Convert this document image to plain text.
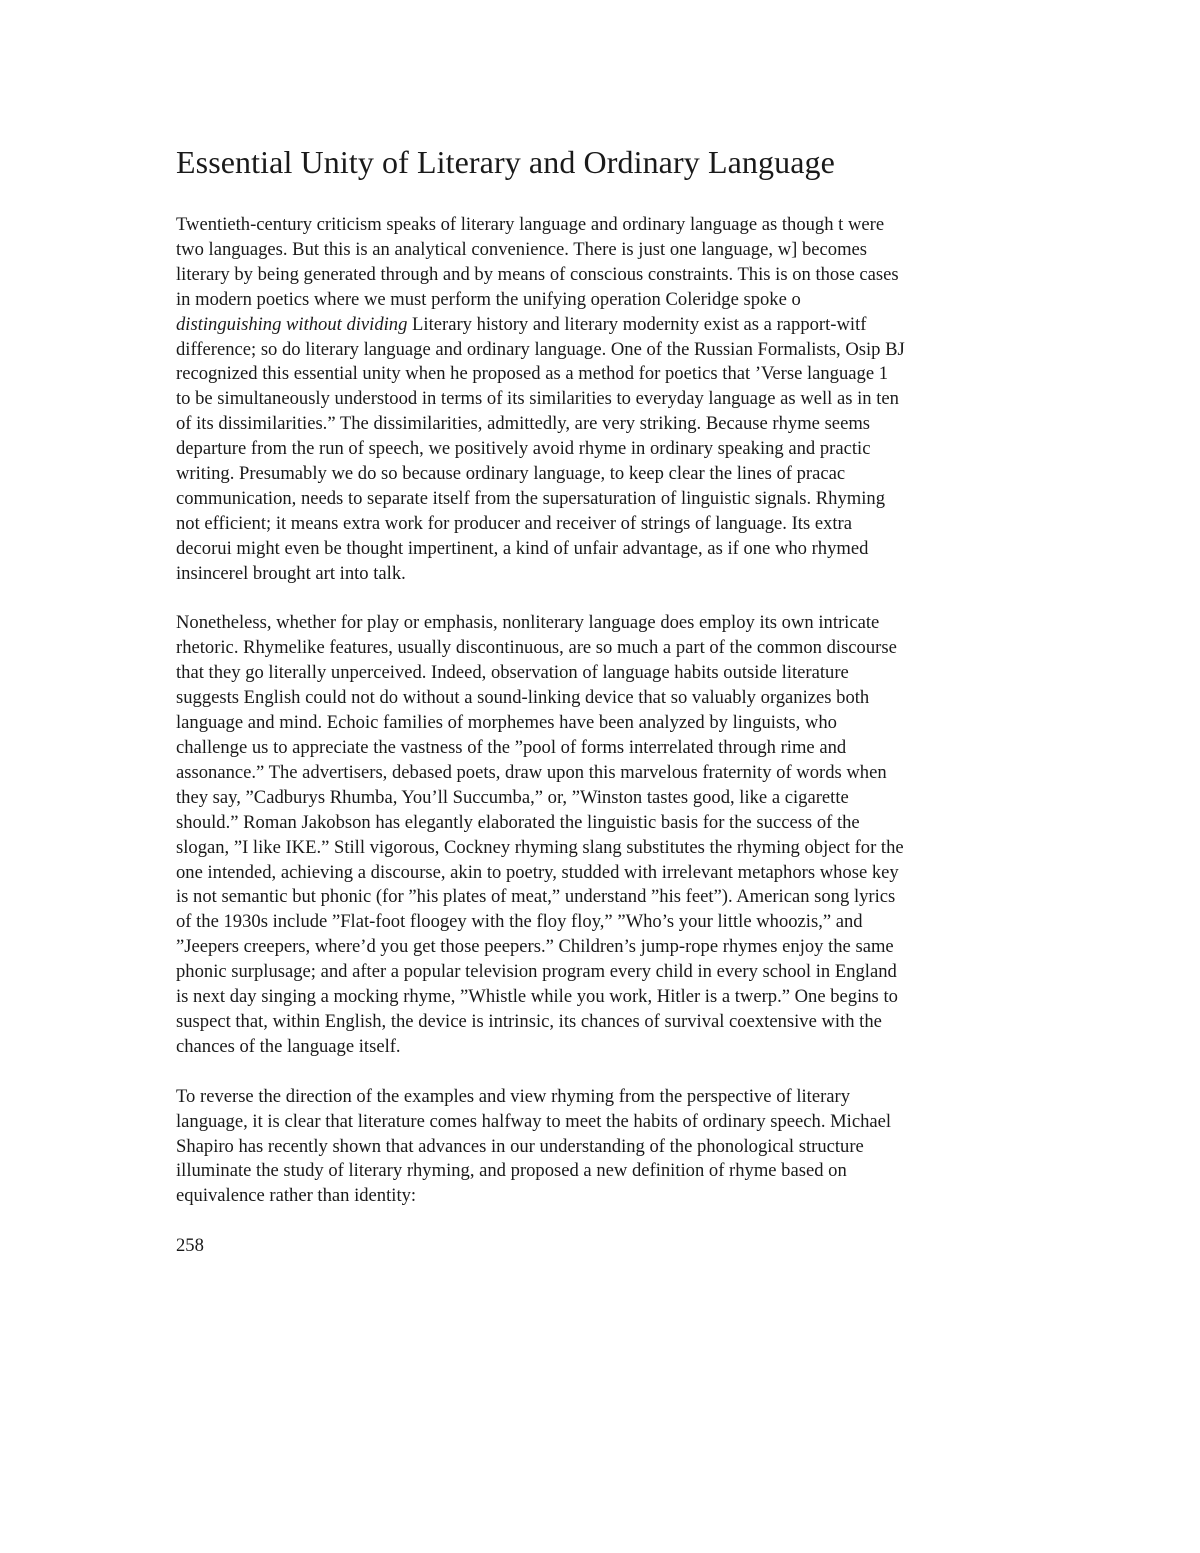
Essential Unity of Literary and Ordinary Language

Twentieth-century criticism speaks of literary language and ordinary language as though t were
two languages. But this is an analytical convenience. There is just one language, w] becomes
literary by being generated through and by means of conscious constraints. This is on those cases
in modern poetics where we must perform the unifying operation Coleridge spoke o
distinguishing without dividing Literary history and literary modernity exist as a rapport-witf
difference; so do literary language and ordinary language. One of the Russian Formalists, Osip BJ
recognized this essential unity when he proposed as a method for poetics that ’Verse language 1
to be simultaneously understood in terms of its similarities to everyday language as well as in ten
of its dissimilarities.” The dissimilarities, admittedly, are very striking. Because rhyme seems
departure from the run of speech, we positively avoid rhyme in ordinary speaking and practic
writing. Presumably we do so because ordinary language, to keep clear the lines of pracac
communication, needs to separate itself from the supersaturation of linguistic signals. Rhyming
not efficient; it means extra work for producer and receiver of strings of language. Its extra
decorui might even be thought impertinent, a kind of unfair advantage, as if one who rhymed
insincerel brought art into talk.

Nonetheless, whether for play or emphasis, nonliterary language does employ its own intricate
rhetoric. Rhymelike features, usually discontinuous, are so much a part of the common discourse
that they go literally unperceived. Indeed, observation of language habits outside literature
suggests English could not do without a sound-linking device that so valuably organizes both
language and mind. Echoic families of morphemes have been analyzed by linguists, who
challenge us to appreciate the vastness of the ”pool of forms interrelated through rime and
assonance.” The advertisers, debased poets, draw upon this marvelous fraternity of words when
they say, ”Cadburys Rhumba, You’ll Succumba,” or, ”Winston tastes good, like a cigarette
should.” Roman Jakobson has elegantly elaborated the linguistic basis for the success of the
slogan, ”I like IKE.” Still vigorous, Cockney rhyming slang substitutes the rhyming object for the
one intended, achieving a discourse, akin to poetry, studded with irrelevant metaphors whose key
is not semantic but phonic (for ”his plates of meat,” understand ”his feet”). American song lyrics
of the 1930s include ”Flat-foot floogey with the floy floy,” ”Who’s your little whoozis,” and
”Jeepers creepers, where’d you get those peepers.” Children’s jump-rope rhymes enjoy the same
phonic surplusage; and after a popular television program every child in every school in England
is next day singing a mocking rhyme, ”Whistle while you work, Hitler is a twerp.” One begins to
suspect that, within English, the device is intrinsic, its chances of survival coextensive with the
chances of the language itself.

To reverse the direction of the examples and view rhyming from the perspective of literary
language, it is clear that literature comes halfway to meet the habits of ordinary speech. Michael
Shapiro has recently shown that advances in our understanding of the phonological structure
illuminate the study of literary rhyming, and proposed a new definition of rhyme based on
equivalence rather than identity:

258
